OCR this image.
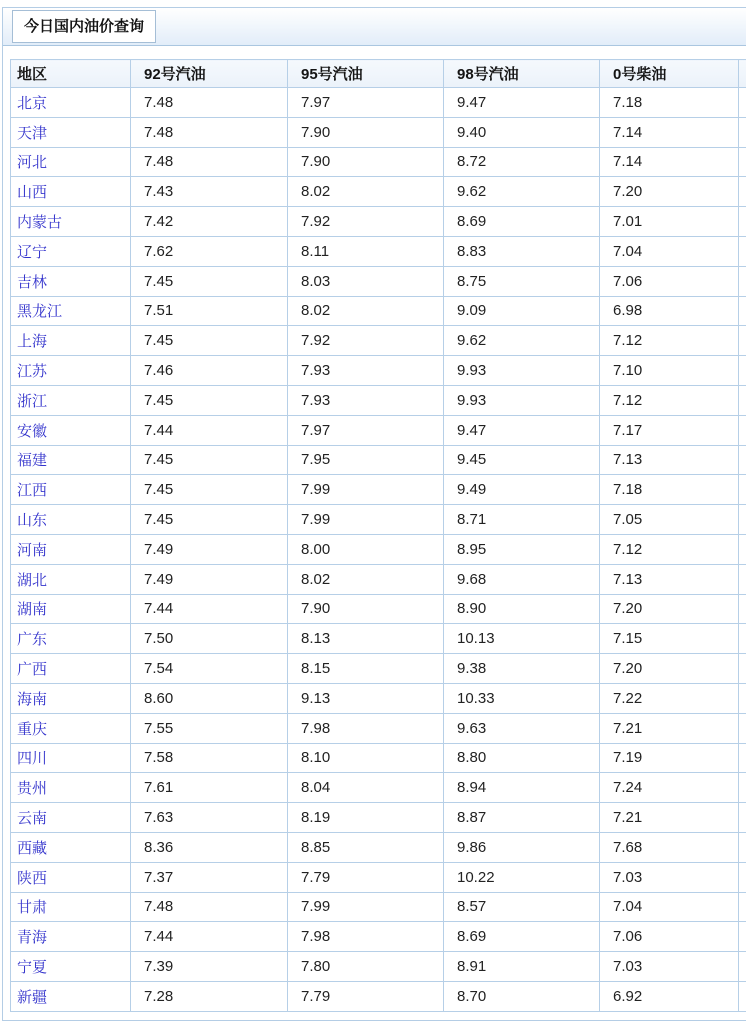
今日国内油价查询
地区	92号汽油	95号汽油	98号汽油	0号柴油	
北京	7.48	7.97	9.47	7.18	
天津	7.48	7.90	9.40	7.14	
河北	7.48	7.90	8.72	7.14	
山西	7.43	8.02	9.62	7.20	
内蒙古	7.42	7.92	8.69	7.01	
辽宁	7.62	8.11	8.83	7.04	
吉林	7.45	8.03	8.75	7.06	
黑龙江	7.51	8.02	9.09	6.98	
上海	7.45	7.92	9.62	7.12	
江苏	7.46	7.93	9.93	7.10	
浙江	7.45	7.93	9.93	7.12	
安徽	7.44	7.97	9.47	7.17	
福建	7.45	7.95	9.45	7.13	
江西	7.45	7.99	9.49	7.18	
山东	7.45	7.99	8.71	7.05	
河南	7.49	8.00	8.95	7.12	
湖北	7.49	8.02	9.68	7.13	
湖南	7.44	7.90	8.90	7.20	
广东	7.50	8.13	10.13	7.15	
广西	7.54	8.15	9.38	7.20	
海南	8.60	9.13	10.33	7.22	
重庆	7.55	7.98	9.63	7.21	
四川	7.58	8.10	8.80	7.19	
贵州	7.61	8.04	8.94	7.24	
云南	7.63	8.19	8.87	7.21	
西藏	8.36	8.85	9.86	7.68	
陕西	7.37	7.79	10.22	7.03	
甘肃	7.48	7.99	8.57	7.04	
青海	7.44	7.98	8.69	7.06	
宁夏	7.39	7.80	8.91	7.03	
新疆	7.28	7.79	8.70	6.92	
